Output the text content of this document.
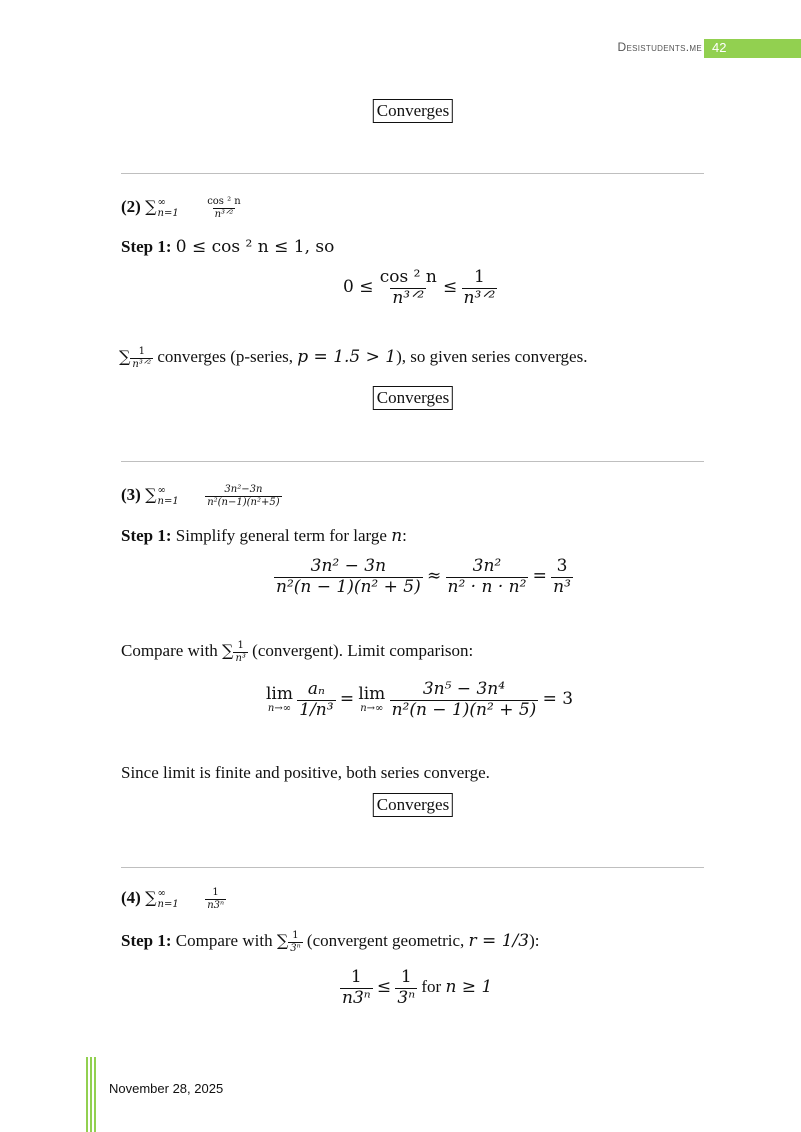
Desistudents.me 42
Converges
(2) ∑ ∞
n=1
	$\frac{\text{cos ² n}}{\text{n³ᐟ²}}$
Step 1: 0 ≤ cos ² n ≤ 1, so
$0 \le \frac{\text{cos ² n}}{\text{n³ᐟ²}} \le \frac{1}{\text{n³ᐟ²}}$
∑ $\frac{1}{\text{n³ᐟ²}}$ converges (p-series, p = 1.5 > 1), so given series converges.
Converges
(3) ∑ ∞
n=1
	$\frac{\text{3n²−3n}}{\text{n²(n−1)(n²+5)}}$
Step 1: Simplify general term for large n:
$\frac{\text{3n² − 3n}}{\text{n²(n − 1)(n² + 5)}} \approx \frac{\text{3n²}}{\text{n² · n · n²}} = \frac{3}{\text{n³}}$
Compare with ∑ $\frac{1}{\text{n³}}$ (convergent). Limit comparison:
lim
n→∞
$\frac{\text{aₙ}}{\text{1/n³}} = \lim$
n→∞
$\frac{\text{3n⁵ − 3n⁴}}{\text{n²(n − 1)(n² + 5)}} = 3$
Since limit is finite and positive, both series converge.
Converges
(4) ∑ ∞
n=1
	$\frac{1}{\text{n3ⁿ}}$
Step 1: Compare with ∑ $\frac{1}{\text{3ⁿ}}$ (convergent geometric, r = 1/3):
$\frac{1}{\text{n3ⁿ}} \le \frac{1}{\text{3ⁿ}}$ for n ≥ 1
November 28, 2025
